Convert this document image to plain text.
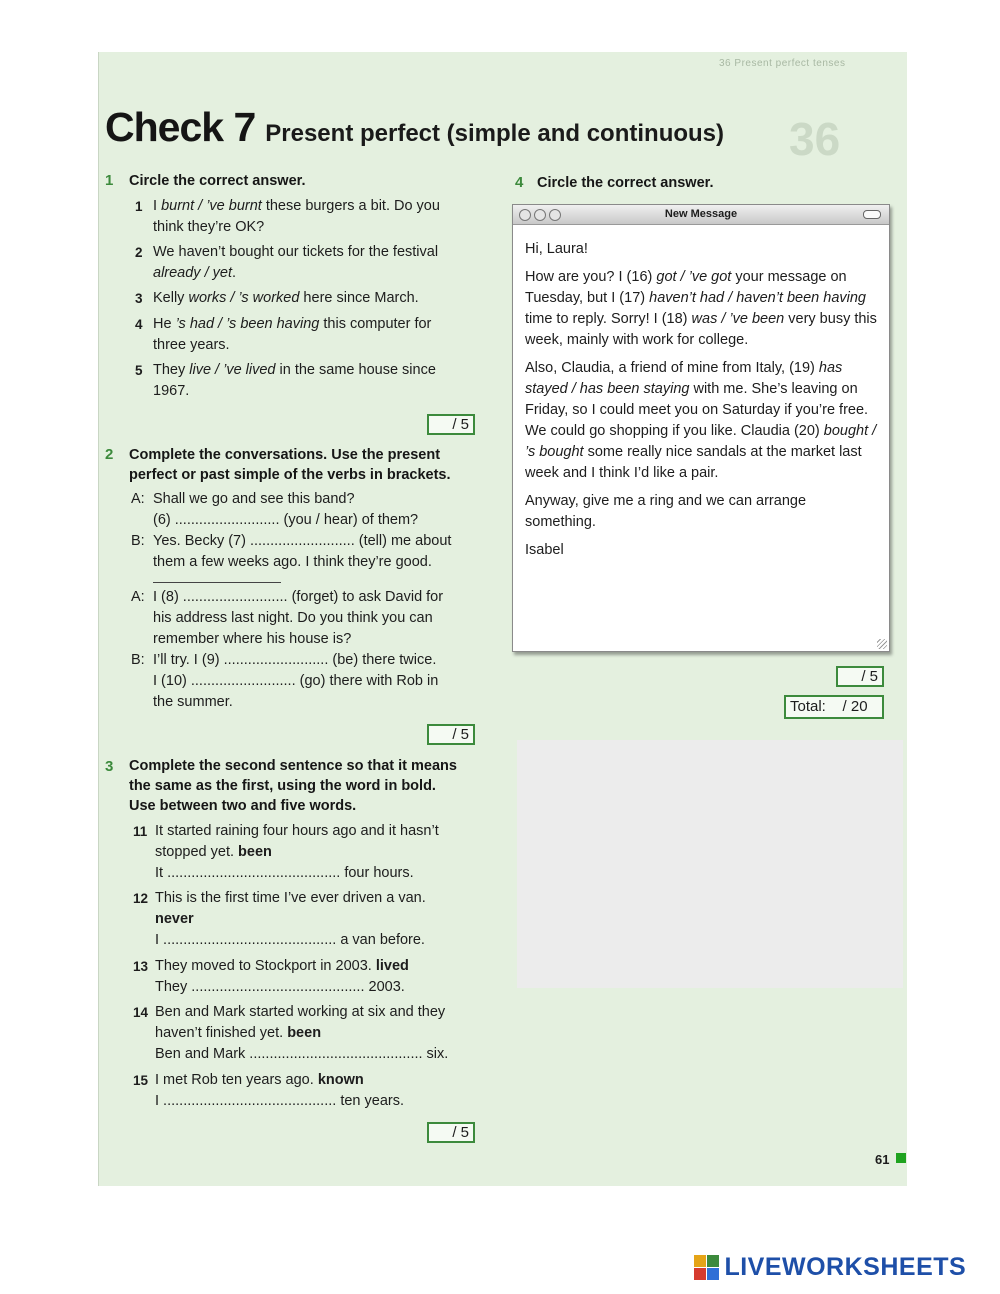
36 Present perfect tenses
36
Check 7 Present perfect (simple and continuous)
1 Circle the correct answer.
1 I burnt / ’ve burnt these burgers a bit. Do you
think they’re OK?
2 We haven’t bought our tickets for the festival
already / yet.
3 Kelly works / ’s worked here since March.
4 He ’s had / ’s been having this computer for
three years.
5 They live / ’ve lived in the same house since
1967.
/ 5
2 Complete the conversations. Use the present
perfect or past simple of the verbs in brackets.
A: Shall we go and see this band?
(6) .......................... (you / hear) of them?
B: Yes. Becky (7) .......................... (tell) me about
them a few weeks ago. I think they’re good.
A: I (8) .......................... (forget) to ask David for
his address last night. Do you think you can
remember where his house is?
B: I’ll try. I (9) .......................... (be) there twice.
I (10) .......................... (go) there with Rob in
the summer.
/ 5
3 Complete the second sentence so that it means
the same as the first, using the word in bold.
Use between two and five words.
11 It started raining four hours ago and it hasn’t
stopped yet. been
It ........................................... four hours.
12 This is the first time I’ve ever driven a van.
never
I ........................................... a van before.
13 They moved to Stockport in 2003. lived
They ........................................... 2003.
14 Ben and Mark started working at six and they
haven’t finished yet. been
Ben and Mark ........................................... six.
15 I met Rob ten years ago. known
I ........................................... ten years.
/ 5
4 Circle the correct answer.
New Message

Hi, Laura!

How are you? I (16) got / ’ve got your message on Tuesday, but I (17) haven’t had / haven’t been having time to reply. Sorry! I (18) was / ’ve been very busy this week, mainly with work for college.

Also, Claudia, a friend of mine from Italy, (19) has stayed / has been staying with me. She’s leaving on Friday, so I could meet you on Saturday if you’re free. We could go shopping if you like. Claudia (20) bought / ’s bought some really nice sandals at the market last week and I think I’d like a pair.

Anyway, give me a ring and we can arrange something.

Isabel

/ 5
Total: / 20
61
LIVEWORKSHEETS
